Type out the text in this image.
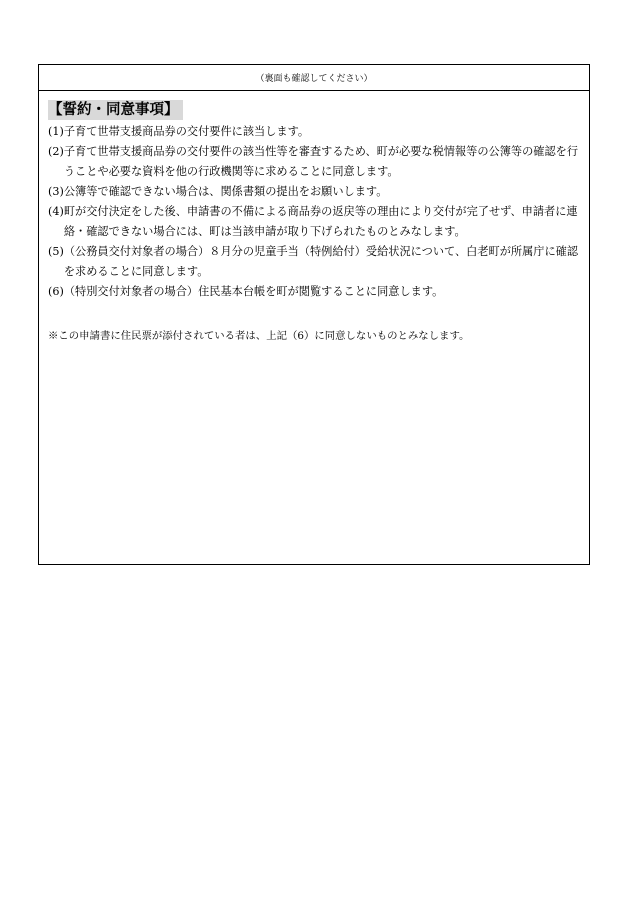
（裏面も確認してください）
【誓約・同意事項】
(1) 子育て世帯支援商品券の交付要件に該当します。
(2) 子育て世帯支援商品券の交付要件の該当性等を審査するため、町が必要な税情報等の公簿等の確認を行うことや必要な資料を他の行政機関等に求めることに同意します。
(3) 公簿等で確認できない場合は、関係書類の提出をお願いします。
(4) 町が交付決定をした後、申請書の不備による商品券の返戻等の理由により交付が完了せず、申請者に連絡・確認できない場合には、町は当該申請が取り下げられたものとみなします。
(5) （公務員交付対象者の場合）８月分の児童手当（特例給付）受給状況について、白老町が所属庁に確認を求めることに同意します。
(6) （特別交付対象者の場合）住民基本台帳を町が閲覧することに同意します。
※この申請書に住民票が添付されている者は、上記（6）に同意しないものとみなします。
